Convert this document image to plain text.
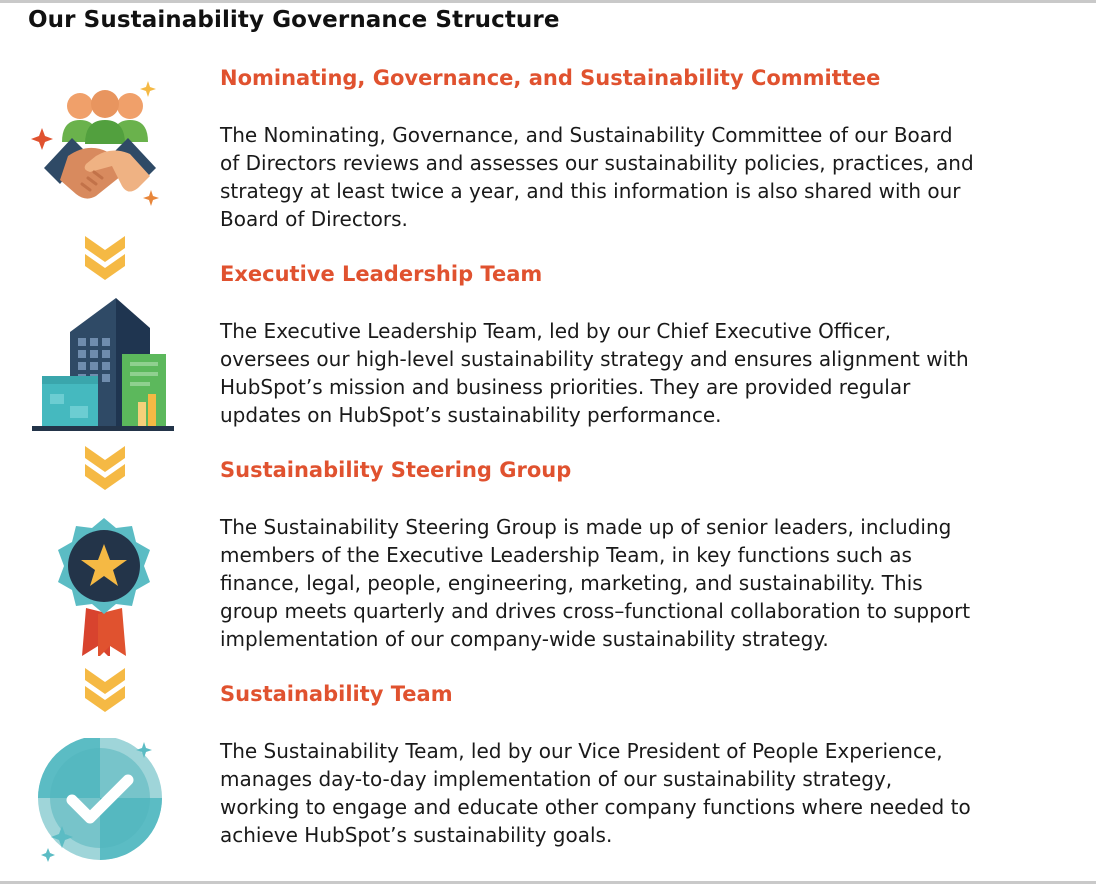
Our Sustainability Governance Structure
Nominating, Governance, and Sustainability Committee
The Nominating, Governance, and Sustainability Committee of our Board
of Directors reviews and assesses our sustainability policies, practices, and
strategy at least twice a year, and this information is also shared with our
Board of Directors.
Executive Leadership Team
The Executive Leadership Team, led by our Chief Executive Officer,
oversees our high-level sustainability strategy and ensures alignment with
HubSpot’s mission and business priorities. They are provided regular
updates on HubSpot’s sustainability performance.
Sustainability Steering Group
The Sustainability Steering Group is made up of senior leaders, including
members of the Executive Leadership Team, in key functions such as
finance, legal, people, engineering, marketing, and sustainability. This
group meets quarterly and drives cross–functional collaboration to support
implementation of our company-wide sustainability strategy.
Sustainability Team
The Sustainability Team, led by our Vice President of People Experience,
manages day-to-day implementation of our sustainability strategy,
working to engage and educate other company functions where needed to
achieve HubSpot’s sustainability goals.
